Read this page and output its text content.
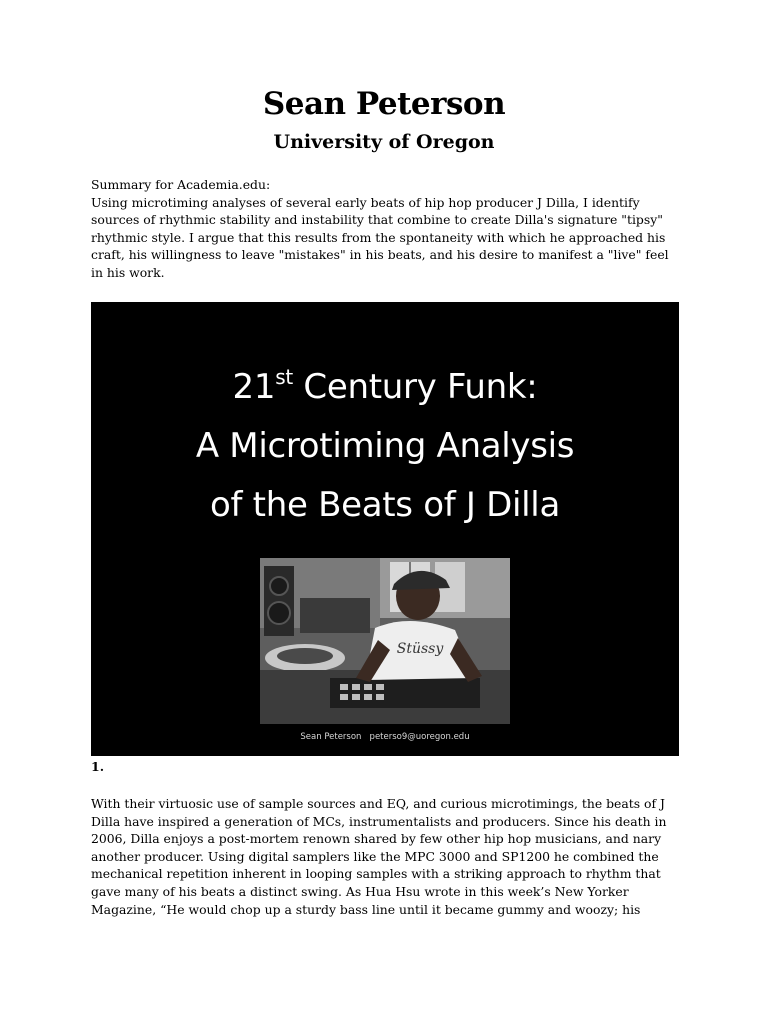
Sean Peterson
University of Oregon
Summary for Academia.edu:
Using microtiming analyses of several early beats of hip hop producer J Dilla, I identify
sources of rhythmic stability and instability that combine to create Dilla's signature "tipsy"
rhythmic style. I argue that this results from the spontaneity with which he approached his
craft, his willingness to leave "mistakes" in his beats, and his desire to manifest a "live" feel
in his work.
21st Century Funk:
A Microtiming Analysis
of the Beats of J Dilla
Stüssy
Sean Peterson   peterso9@uoregon.edu
1.
With their virtuosic use of sample sources and EQ, and curious microtimings, the beats of J
Dilla have inspired a generation of MCs, instrumentalists and producers. Since his death in
2006, Dilla enjoys a post-mortem renown shared by few other hip hop musicians, and nary
another producer. Using digital samplers like the MPC 3000 and SP1200 he combined the
mechanical repetition inherent in looping samples with a striking approach to rhythm that
gave many of his beats a distinct swing. As Hua Hsu wrote in this week’s New Yorker
Magazine, “He would chop up a sturdy bass line until it became gummy and woozy; his
